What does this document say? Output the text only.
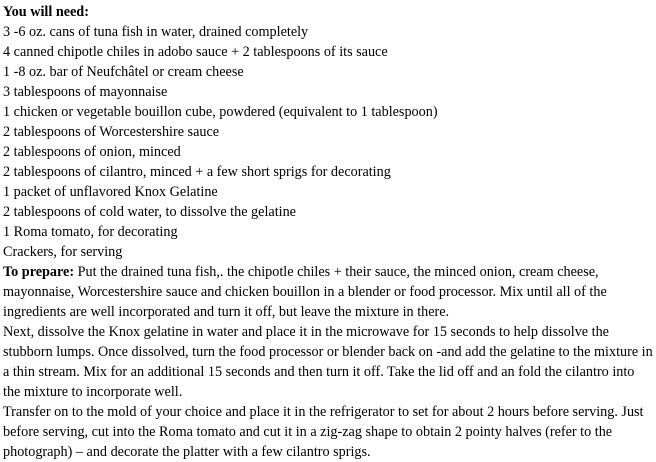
You will need:
3 -6 oz. cans of tuna fish in water, drained completely
4 canned chipotle chiles in adobo sauce + 2 tablespoons of its sauce
1 -8 oz. bar of Neufchâtel or cream cheese
3 tablespoons of mayonnaise
1 chicken or vegetable bouillon cube, powdered (equivalent to 1 tablespoon)
2 tablespoons of Worcestershire sauce
2 tablespoons of onion, minced
2 tablespoons of cilantro, minced + a few short sprigs for decorating
1 packet of unflavored Knox Gelatine
2 tablespoons of cold water, to dissolve the gelatine
1 Roma tomato, for decorating
Crackers, for serving
To prepare: Put the drained tuna fish,. the chipotle chiles + their sauce, the minced onion, cream cheese, mayonnaise, Worcestershire sauce and chicken bouillon in a blender or food processor. Mix until all of the ingredients are well incorporated and turn it off, but leave the mixture in there.
Next, dissolve the Knox gelatine in water and place it in the microwave for 15 seconds to help dissolve the stubborn lumps. Once dissolved, turn the food processor or blender back on -and add the gelatine to the mixture in a thin stream. Mix for an additional 15 seconds and then turn it off. Take the lid off and an fold the cilantro into the mixture to incorporate well.
Transfer on to the mold of your choice and place it in the refrigerator to set for about 2 hours before serving. Just before serving, cut into the Roma tomato and cut it in a zig-zag shape to obtain 2 pointy halves (refer to the photograph) – and decorate the platter with a few cilantro sprigs.
